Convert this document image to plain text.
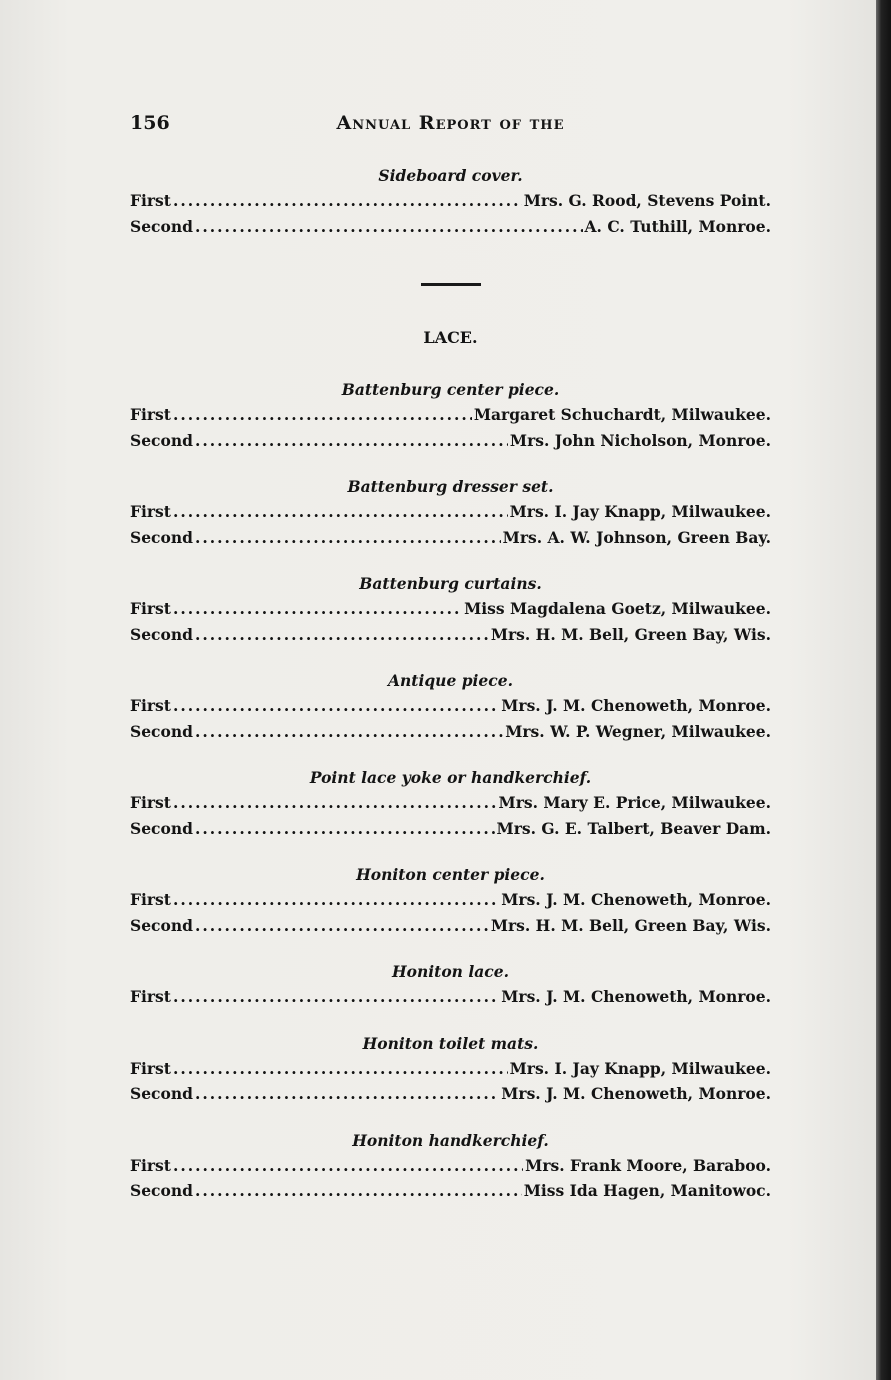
156	Annual Report of the
Sideboard cover.
First .....	Mrs. G. Rood, Stevens Point.
Second .....	A. C. Tuthill, Monroe.
LACE.
Battenburg center piece.
First .....	Margaret Schuchardt, Milwaukee.
Second .....	Mrs. John Nicholson, Monroe.
Battenburg dresser set.
First .....	Mrs. I. Jay Knapp, Milwaukee.
Second .....	Mrs. A. W. Johnson, Green Bay.
Battenburg curtains.
First .....	Miss Magdalena Goetz, Milwaukee.
Second .....	Mrs. H. M. Bell, Green Bay, Wis.
Antique piece.
First .....	Mrs. J. M. Chenoweth, Monroe.
Second .....	Mrs. W. P. Wegner, Milwaukee.
Point lace yoke or handkerchief.
First .....	Mrs. Mary E. Price, Milwaukee.
Second .....	Mrs. G. E. Talbert, Beaver Dam.
Honiton center piece.
First .....	Mrs. J. M. Chenoweth, Monroe.
Second .....	Mrs. H. M. Bell, Green Bay, Wis.
Honiton lace.
First .....	Mrs. J. M. Chenoweth, Monroe.
Honiton toilet mats.
First .....	Mrs. I. Jay Knapp, Milwaukee.
Second .....	Mrs. J. M. Chenoweth, Monroe.
Honiton handkerchief.
First .....	Mrs. Frank Moore, Baraboo.
Second .....	Miss Ida Hagen, Manitowoc.
